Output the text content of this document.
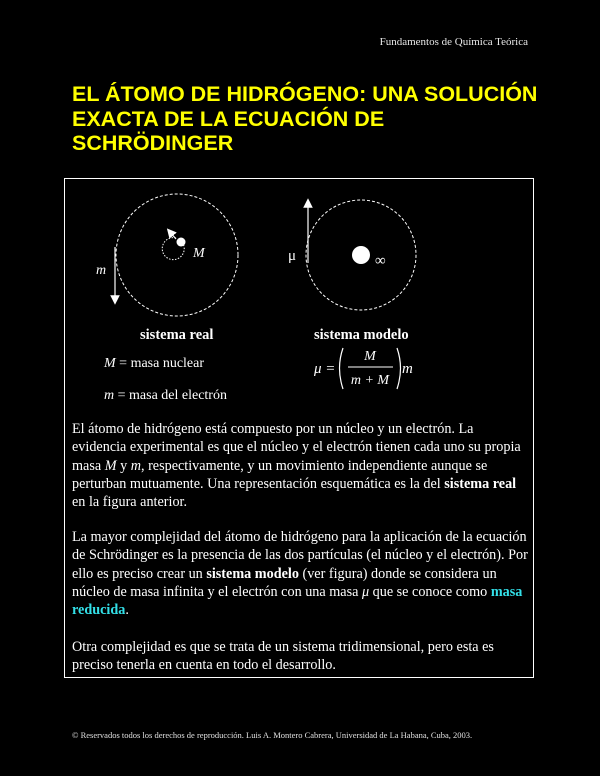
Fundamentos de Química Teórica
EL ÁTOMO DE HIDRÓGENO: UNA SOLUCIÓN EXACTA DE LA ECUACIÓN DE SCHRÖDINGER
M
m
∞
μ
sistema real	sistema modelo
M = masa nuclear
m = masa del electrón
μ =
M
m + M
m

El átomo de hidrógeno está compuesto por un núcleo y un electrón. La evidencia experimental es que el núcleo y el electrón tienen cada uno su propia masa M y m, respectivamente, y un movimiento independiente aunque se perturban mutuamente. Una representación esquemática es la del sistema real en la figura anterior.

La mayor complejidad del átomo de hidrógeno para la aplicación de la ecuación de Schrödinger es la presencia de las dos partículas (el núcleo y el electrón). Por ello es preciso crear un sistema modelo (ver figura) donde se considera un núcleo de masa infinita y el electrón con una masa μ que se conoce como masa reducida.

Otra complejidad es que se trata de un sistema tridimensional, pero esta es preciso tenerla en cuenta en todo el desarrollo.

© Reservados todos los derechos de reproducción. Luis A. Montero Cabrera, Universidad de La Habana, Cuba, 2003.
